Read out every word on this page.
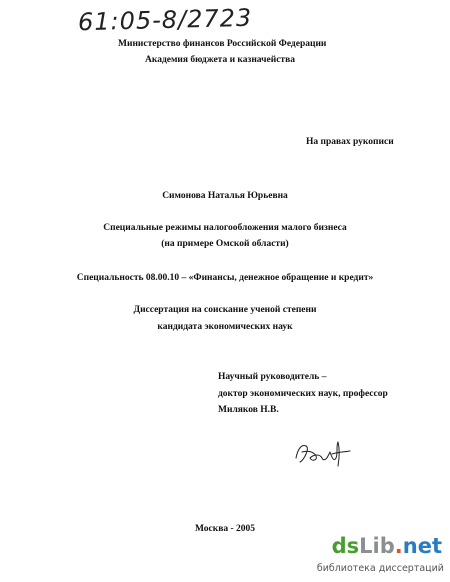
61:05-8/2723
Министерство финансов Российской Федерации
Академия бюджета и казначейства
На правах рукописи
Симонова Наталья Юрьевна
Специальные режимы налогообложения малого бизнеса
(на примере Омской области)
Специальность 08.00.10 – «Финансы, денежное обращение и кредит»
Диссертация на соискание ученой степени
кандидата экономических наук
Научный руководитель –
доктор экономических наук, профессор
Миляков Н.В.
Москва - 2005
dsLib.net
библиотека диссертаций
